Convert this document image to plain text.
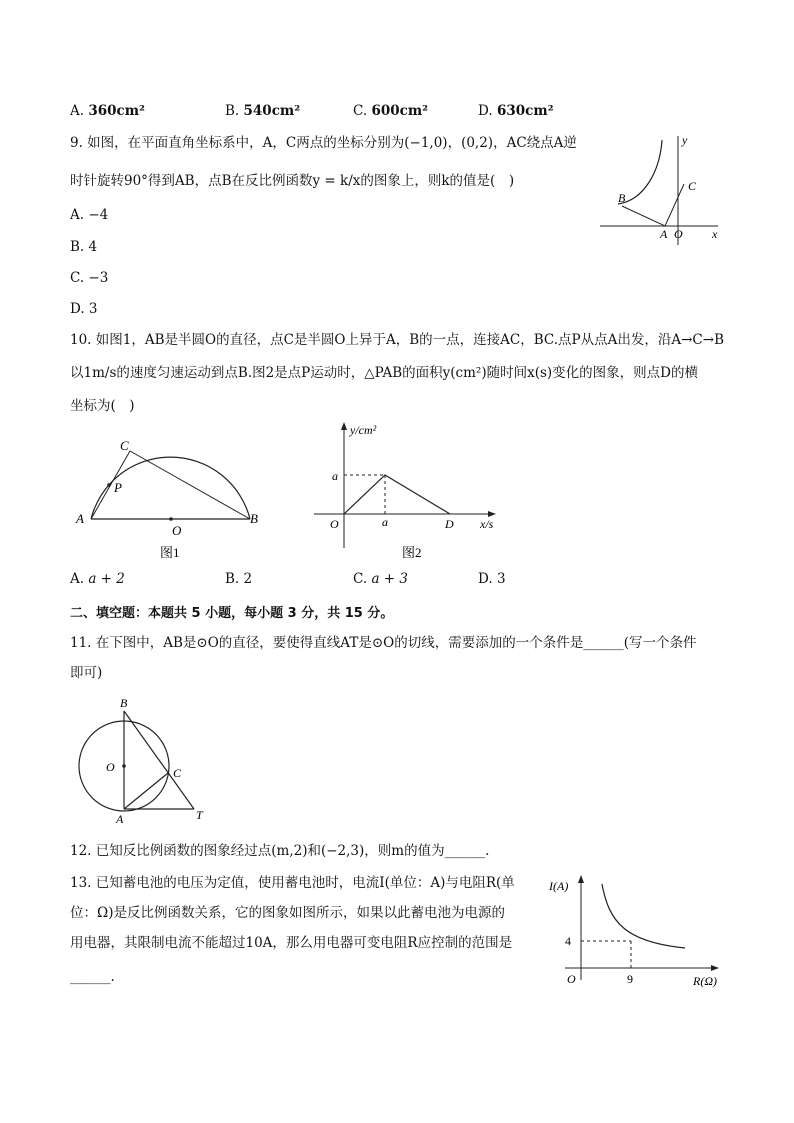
A. 360cm²	B. 540cm²	C. 600cm²	D. 630cm²
9. 如图，在平面直角坐标系中，A，C两点的坐标分别为(−1,0)，(0,2)，AC绕点A逆
时针旋转90°得到AB，点B在反比例函数y = k/x的图象上，则k的值是(　)
A. −4
B. 4
C. −3
D. 3
y
x
B
C
A O
10. 如图1，AB是半圆O的直径，点C是半圆O上异于A，B的一点，连接AC，BC.点P从点A出发，沿A→C→B
以1m/s的速度匀速运动到点B.图2是点P运动时，△PAB的面积y(cm²)随时间x(s)变化的图象，则点D的横
坐标为(　)
C
P
A
O
B
图1
y/cm²
a
O	a	D x/s
图2
A. a + 2	B. 2	C. a + 3	D. 3
二、填空题：本题共 5 小题，每小题 3 分，共 15 分。
11. 在下图中，AB是⊙O的直径，要使得直线AT是⊙O的切线，需要添加的一个条件是______(写一个条件
即可)
B
O	C
A	T
12. 已知反比例函数的图象经过点(m,2)和(−2,3)，则m的值为______.
13. 已知蓄电池的电压为定值，使用蓄电池时，电流I(单位：A)与电阻R(单
位：Ω)是反比例函数关系，它的图象如图所示，如果以此蓄电池为电源的
用电器，其限制电流不能超过10A，那么用电器可变电阻R应控制的范围是
______.
I(A)
4
O	9	R(Ω)
